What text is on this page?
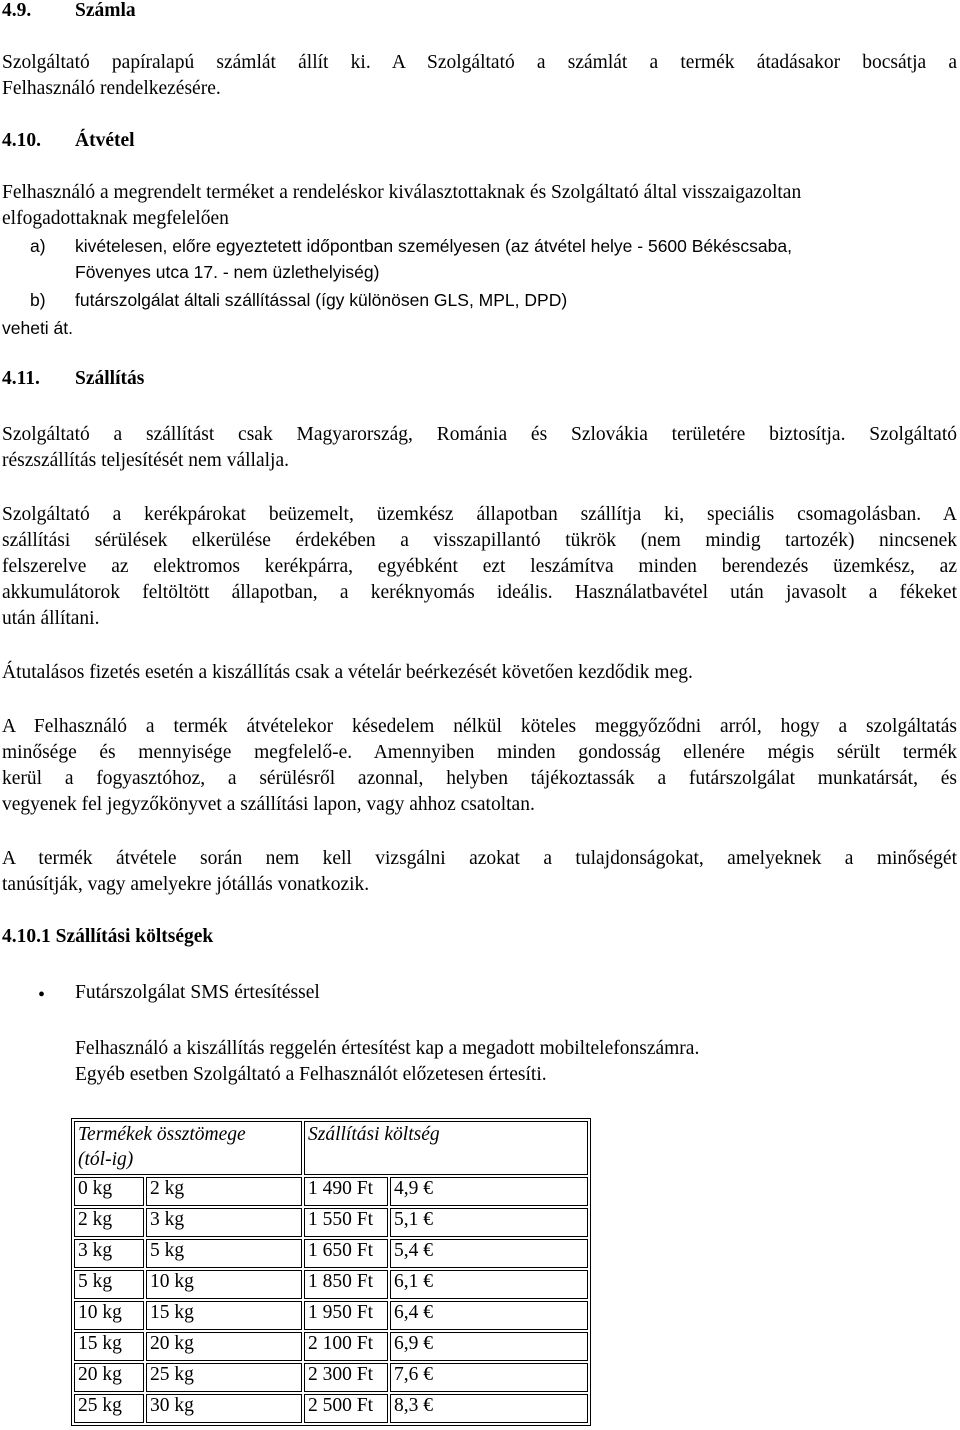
4.9. Számla
Szolgáltató papíralapú számlát állít ki. A Szolgáltató a számlát a termék átadásakor bocsátja a
Felhasználó rendelkezésére.
4.10. Átvétel
Felhasználó a megrendelt terméket a rendeléskor kiválasztottaknak és Szolgáltató által visszaigazoltan
elfogadottaknak megfelelően
a) kivételesen, előre egyeztetett időpontban személyesen (az átvétel helye - 5600 Békéscsaba,
Fövenyes utca 17. - nem üzlethelyiség)
b) futárszolgálat általi szállítással (így különösen GLS, MPL, DPD)
veheti át.
4.11. Szállítás
Szolgáltató a szállítást csak Magyarország, Románia és Szlovákia területére biztosítja. Szolgáltató
részszállítás teljesítését nem vállalja.
Szolgáltató a kerékpárokat beüzemelt, üzemkész állapotban szállítja ki, speciális csomagolásban. A
szállítási sérülések elkerülése érdekében a visszapillantó tükrök (nem mindig tartozék) nincsenek
felszerelve az elektromos kerékpárra, egyébként ezt leszámítva minden berendezés üzemkész, az
akkumulátorok feltöltött állapotban, a keréknyomás ideális. Használatbavétel után javasolt a fékeket
után állítani.
Átutalásos fizetés esetén a kiszállítás csak a vételár beérkezését követően kezdődik meg.
A Felhasználó a termék átvételekor késedelem nélkül köteles meggyőződni arról, hogy a szolgáltatás
minősége és mennyisége megfelelő-e. Amennyiben minden gondosság ellenére mégis sérült termék
kerül a fogyasztóhoz, a sérülésről azonnal, helyben tájékoztassák a futárszolgálat munkatársát, és
vegyenek fel jegyzőkönyvet a szállítási lapon, vagy ahhoz csatoltan.
A termék átvétele során nem kell vizsgálni azokat a tulajdonságokat, amelyeknek a minőségét
tanúsítják, vagy amelyekre jótállás vonatkozik.
4.10.1 Szállítási költségek
• Futárszolgálat SMS értesítéssel
Felhasználó a kiszállítás reggelén értesítést kap a megadott mobiltelefonszámra.
Egyéb esetben Szolgáltató a Felhasználót előzetesen értesíti.
Termékek össztömege
(tól-ig)		Szállítási költség	
0 kg	2 kg	1 490 Ft	4,9 €
2 kg	3 kg	1 550 Ft	5,1 €
3 kg	5 kg	1 650 Ft	5,4 €
5 kg	10 kg	1 850 Ft	6,1 €
10 kg	15 kg	1 950 Ft	6,4 €
15 kg	20 kg	2 100 Ft	6,9 €
20 kg	25 kg	2 300 Ft	7,6 €
25 kg	30 kg	2 500 Ft	8,3 €
